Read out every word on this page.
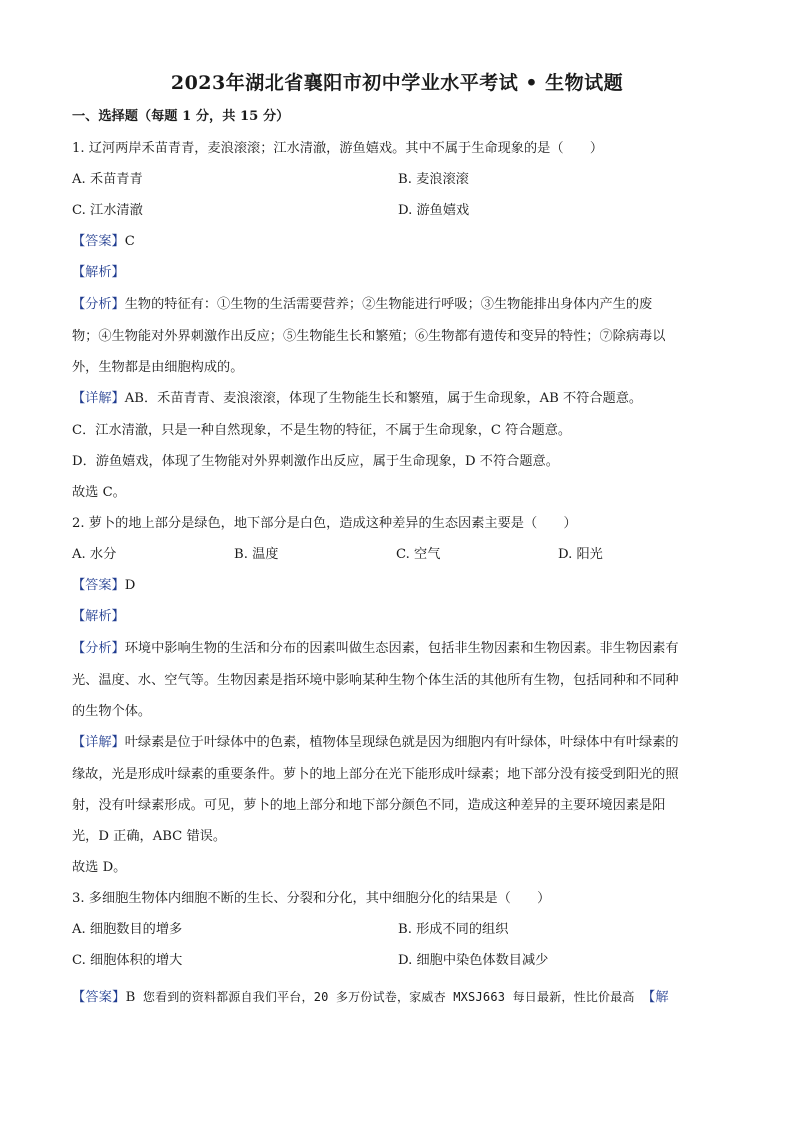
2023年湖北省襄阳市初中学业水平考试 • 生物试题
一、选择题（每题 1 分，共 15 分）
1. 辽河两岸禾苗青青，麦浪滚滚；江水清澈，游鱼嬉戏。其中不属于生命现象的是（　　）
A. 禾苗青青	B. 麦浪滚滚
C. 江水清澈	D. 游鱼嬉戏
【答案】C
【解析】
【分析】生物的特征有：①生物的生活需要营养；②生物能进行呼吸；③生物能排出身体内产生的废
物；④生物能对外界刺激作出反应；⑤生物能生长和繁殖；⑥生物都有遗传和变异的特性；⑦除病毒以
外，生物都是由细胞构成的。
【详解】AB．禾苗青青、麦浪滚滚，体现了生物能生长和繁殖，属于生命现象，AB 不符合题意。
C．江水清澈，只是一种自然现象，不是生物的特征，不属于生命现象，C 符合题意。
D．游鱼嬉戏，体现了生物能对外界刺激作出反应，属于生命现象，D 不符合题意。
故选 C。
2. 萝卜的地上部分是绿色，地下部分是白色，造成这种差异的生态因素主要是（　　）
A. 水分	B. 温度	C. 空气	D. 阳光
【答案】D
【解析】
【分析】环境中影响生物的生活和分布的因素叫做生态因素，包括非生物因素和生物因素。非生物因素有
光、温度、水、空气等。生物因素是指环境中影响某种生物个体生活的其他所有生物，包括同种和不同种
的生物个体。
【详解】叶绿素是位于叶绿体中的色素，植物体呈现绿色就是因为细胞内有叶绿体，叶绿体中有叶绿素的
缘故，光是形成叶绿素的重要条件。萝卜的地上部分在光下能形成叶绿素；地下部分没有接受到阳光的照
射，没有叶绿素形成。可见，萝卜的地上部分和地下部分颜色不同，造成这种差异的主要环境因素是阳
光，D 正确，ABC 错误。
故选 D。
3. 多细胞生物体内细胞不断的生长、分裂和分化，其中细胞分化的结果是（　　）
A. 细胞数目的增多	B. 形成不同的组织
C. 细胞体积的增大	D. 细胞中染色体数目减少
【答案】B 您看到的资料都源自我们平台，20 多万份试卷，家威杏 MXSJ663 每日最新，性比价最高 【解
